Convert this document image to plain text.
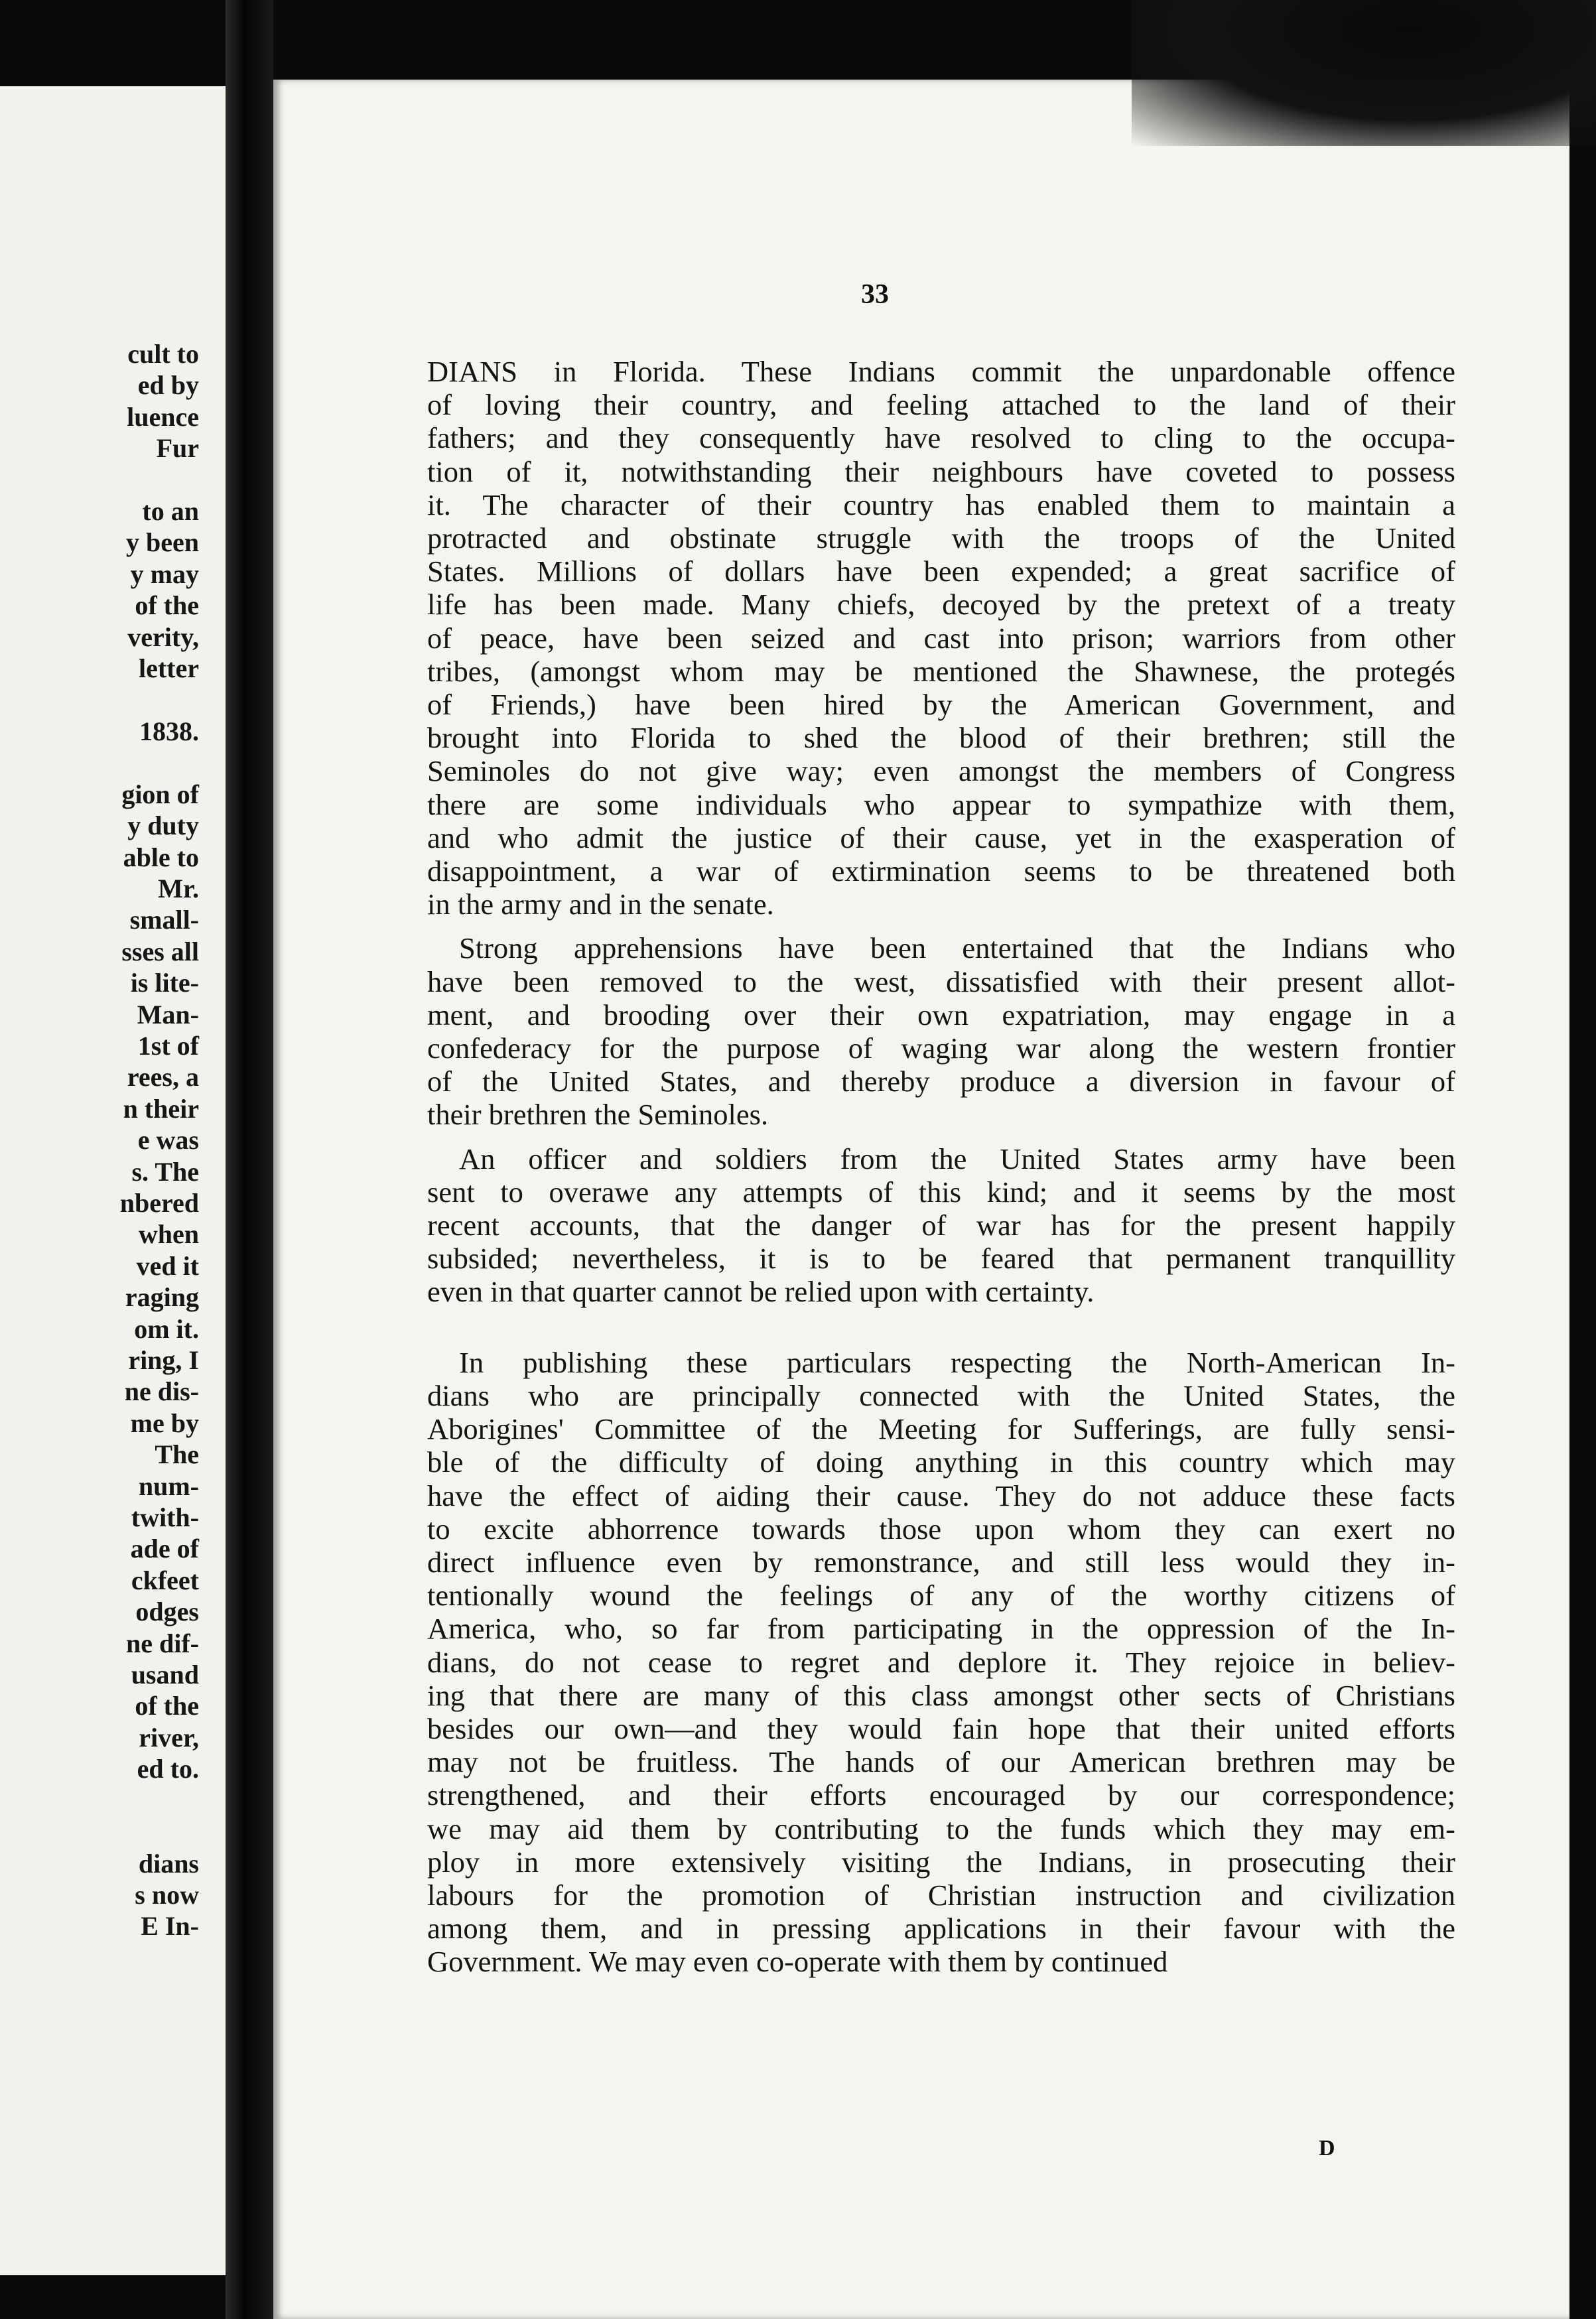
cult to
ed by
luence
Fur

to an
y been
y may
of the
verity,
letter

1838.

gion of
y duty
able to
Mr.
small-
sses all
is lite-
Man-
1st of
rees, a
n their
e was
s. The
nbered
when
ved it
raging
om it.
ring, I
ne dis-
me by
The
num-
twith-
ade of
ckfeet
odges
ne dif-
usand
of the
river,
ed to.

dians
s now
E In-
33
DIANS in Florida. These Indians commit the unpardonable offence
of loving their country, and feeling attached to the land of their
fathers; and they consequently have resolved to cling to the occupa-
tion of it, notwithstanding their neighbours have coveted to possess
it. The character of their country has enabled them to maintain a
protracted and obstinate struggle with the troops of the United
States. Millions of dollars have been expended; a great sacrifice of
life has been made. Many chiefs, decoyed by the pretext of a treaty
of peace, have been seized and cast into prison; warriors from other
tribes, (amongst whom may be mentioned the Shawnese, the protegés
of Friends,) have been hired by the American Government, and
brought into Florida to shed the blood of their brethren; still the
Seminoles do not give way; even amongst the members of Congress
there are some individuals who appear to sympathize with them,
and who admit the justice of their cause, yet in the exasperation of
disappointment, a war of extirmination seems to be threatened both
in the army and in the senate.
Strong apprehensions have been entertained that the Indians who
have been removed to the west, dissatisfied with their present allot-
ment, and brooding over their own expatriation, may engage in a
confederacy for the purpose of waging war along the western frontier
of the United States, and thereby produce a diversion in favour of
their brethren the Seminoles.
An officer and soldiers from the United States army have been
sent to overawe any attempts of this kind; and it seems by the most
recent accounts, that the danger of war has for the present happily
subsided; nevertheless, it is to be feared that permanent tranquillity
even in that quarter cannot be relied upon with certainty.
In publishing these particulars respecting the North-American In-
dians who are principally connected with the United States, the
Aborigines' Committee of the Meeting for Sufferings, are fully sensi-
ble of the difficulty of doing anything in this country which may
have the effect of aiding their cause. They do not adduce these facts
to excite abhorrence towards those upon whom they can exert no
direct influence even by remonstrance, and still less would they in-
tentionally wound the feelings of any of the worthy citizens of
America, who, so far from participating in the oppression of the In-
dians, do not cease to regret and deplore it. They rejoice in believ-
ing that there are many of this class amongst other sects of Christians
besides our own—and they would fain hope that their united efforts
may not be fruitless. The hands of our American brethren may be
strengthened, and their efforts encouraged by our correspondence;
we may aid them by contributing to the funds which they may em-
ploy in more extensively visiting the Indians, in prosecuting their
labours for the promotion of Christian instruction and civilization
among them, and in pressing applications in their favour with the
Government. We may even co-operate with them by continued
D
